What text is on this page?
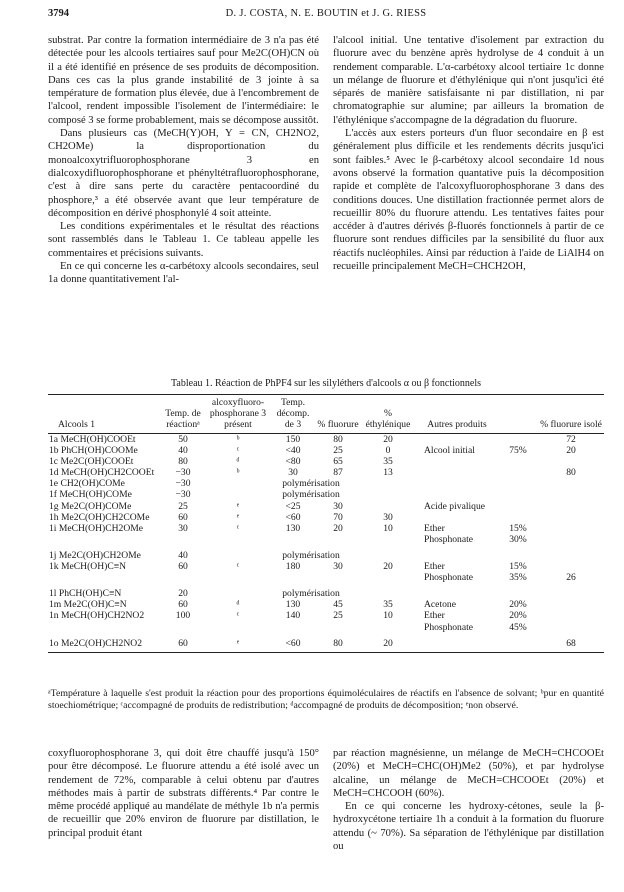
3794	D. J. COSTA, N. E. BOUTIN et J. G. RIESS

substrat. Par contre la formation intermédiaire de 3 n'a pas été détectée pour les alcools tertiaires sauf pour Me2C(OH)CN où il a été identifié en présence de ses produits de décomposition. Dans ces cas la plus grande instabilité de 3 jointe à sa température de formation plus élevée, due à l'encombrement de l'alcool, rendent impossible l'isolement de l'intermédiaire: le composé 3 se forme probablement, mais se décompose aussitôt.

Dans plusieurs cas (MeCH(Y)OH, Y = CN, CH2NO2, CH2OMe) la disproportionation du monoalcoxytrifluorophosphorane 3 en dialcoxydifluorophosphorane et phényltétrafluorophosphorane, c'est à dire sans perte du caractère pentacoordiné du phosphore,³ a été observée avant que leur température de décomposition en dérivé phosphonylé 4 soit atteinte.

Les conditions expérimentales et le résultat des réactions sont rassemblés dans le Tableau 1. Ce tableau appelle les commentaires et précisions suivants.

En ce qui concerne les α-carbétoxy alcools secondaires, seul 1a donne quantitativement l'al-

l'alcool initial. Une tentative d'isolement par extraction du fluorure avec du benzène après hydrolyse de 4 conduit à un rendement comparable. L'α-carbétoxy alcool tertiaire 1c donne un mélange de fluorure et d'éthylénique qui n'ont jusqu'ici été séparés de manière satisfaisante ni par distillation, ni par chromatographie sur alumine; par ailleurs la bromation de l'éthylénique s'accompagne de la dégradation du fluorure.

L'accès aux esters porteurs d'un fluor secondaire en β est généralement plus difficile et les rendements décrits jusqu'ici sont faibles.⁵ Avec le β-carbétoxy alcool secondaire 1d nous avons observé la formation quantative puis la décomposition rapide et complète de l'alcoxyfluorophosphorane 3 dans des conditions douces. Une distillation fractionnée permet alors de recueillir 80% du fluorure attendu. Les tentatives faites pour accéder à d'autres dérivés β-fluorés fonctionnels à partir de ce fluorure sont rendues difficiles par la sensibilité du fluor aux réactifs nucléophiles. Ainsi par réduction à l'aide de LiAlH4 on recueille principalement MeCH=CHCH2OH,

Tableau 1. Réaction de PhPF4 sur les silyléthers d'alcools α ou β fonctionnels
Alcools 1	Temp. de réactionᵃ	alcoxyfluoro-phosphorane 3 présent	Temp. décomp. de 3	% fluorure	% éthylénique	Autres produits		% fluorure isolé
1a MeCH(OH)COOEt	50	ᵇ	150	80	20			72
1b PhCH(OH)COOMe	40	ᶜ	<40	25	0	Alcool initial	75%	20
1c Me2C(OH)COOEt	80	ᵈ	<80	65	35			
1d MeCH(OH)CH2COOEt	−30	ᵇ	30	87	13			80
1e CH2(OH)COMe	−30	polymérisation						
1f MeCH(OH)COMe	−30	polymérisation						
1g Me2C(OH)COMe	25	ᵉ	<25	30		Acide pivalique		
1h Me2C(OH)CH2COMe	60	ᵉ	<60	70	30			
1i MeCH(OH)CH2OMe	30	ᶜ	130	20	10	Ether	15%	
						Phosphonate	30%	
1j Me2C(OH)CH2OMe	40	polymérisation						
1k MeCH(OH)C≡N	60	ᶜ	180	30	20	Ether	15%	
						Phosphonate	35%	26
1l PhCH(OH)C≡N	20	polymérisation						
1m Me2C(OH)C≡N	60	ᵈ	130	45	35	Acetone	20%	
1n MeCH(OH)CH2NO2	100	ᶜ	140	25	10	Ether	20%	
						Phosphonate	45%	
1o Me2C(OH)CH2NO2	60	ᵉ	<60	80	20			68
ᵃTempérature à laquelle s'est produit la réaction pour des proportions équimoléculaires de réactifs en l'absence de solvant; ᵇpur en quantité stoechiométrique; ᶜaccompagné de produits de redistribution; ᵈaccompagné de produits de décomposition; ᵉnon observé.

coxyfluorophosphorane 3, qui doit être chauffé jusqu'à 150° pour être décomposé. Le fluorure attendu a été isolé avec un rendement de 72%, comparable à celui obtenu par d'autres méthodes mais à partir de substrats différents.⁴ Par contre le même procédé appliqué au mandélate de méthyle 1b n'a permis de recueillir que 20% environ de fluorure par distillation, le principal produit étant

par réaction magnésienne, un mélange de MeCH=CHCOOEt (20%) et MeCH=CHC(OH)Me2 (50%), et par hydrolyse alcaline, un mélange de MeCH=CHCOOEt (20%) et MeCH=CHCOOH (60%).

En ce qui concerne les hydroxy-cétones, seule la β-hydroxycétone tertiaire 1h a conduit à la formation du fluorure attendu (~ 70%). Sa séparation de l'éthylénique par distillation ou
